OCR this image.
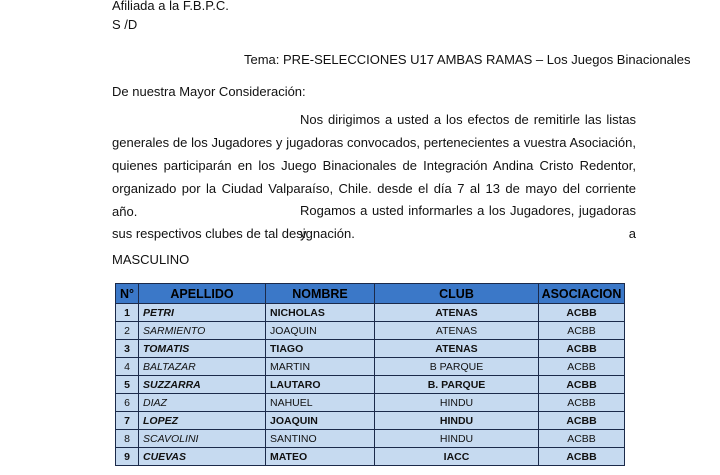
Afiliada a la F.B.P.C.
S /D
Tema: PRE-SELECCIONES U17 AMBAS RAMAS – Los Juegos Binacionales
De nuestra Mayor Consideración:
Nos dirigimos a usted a los efectos de remitirle las listas
generales de los Jugadores y jugadoras convocados, pertenecientes a vuestra Asociación,
quienes participarán en los Juego Binacionales de Integración Andina Cristo Redentor,
organizado por la Ciudad Valparaíso, Chile. desde el día 7 al 13 de mayo del corriente año.	Rogamos a usted informarles a los Jugadores, jugadoras y a
sus respectivos clubes de tal designación.
MASCULINO
N°	APELLIDO	NOMBRE	CLUB	ASOCIACION
1	PETRI	NICHOLAS	ATENAS	ACBB
2	SARMIENTO	JOAQUIN	ATENAS	ACBB
3	TOMATIS	TIAGO	ATENAS	ACBB
4	BALTAZAR	MARTIN	B PARQUE	ACBB
5	SUZZARRA	LAUTARO	B. PARQUE	ACBB
6	DIAZ	NAHUEL	HINDU	ACBB
7	LOPEZ	JOAQUIN	HINDU	ACBB
8	SCAVOLINI	SANTINO	HINDU	ACBB
9	CUEVAS	MATEO	IACC	ACBB
